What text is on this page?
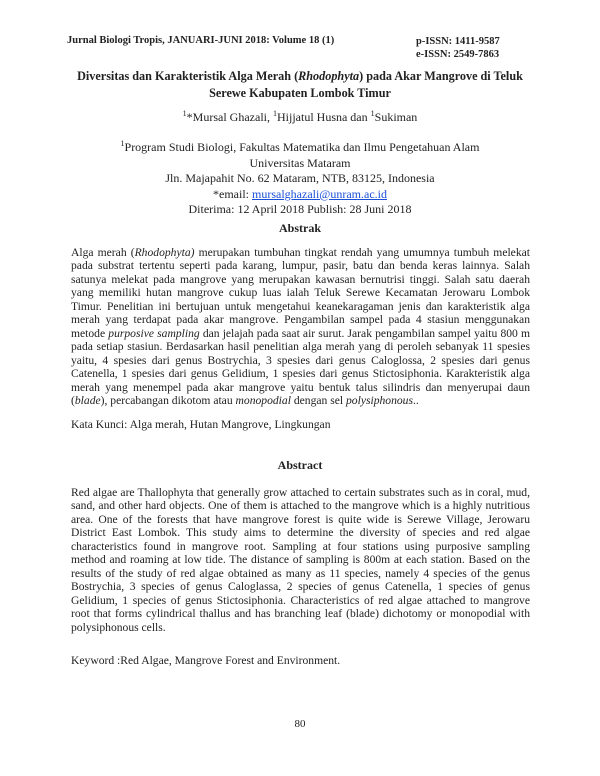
Jurnal Biologi Tropis, JANUARI-JUNI 2018: Volume 18 (1)	p-ISSN: 1411-9587
e-ISSN: 2549-7863
Diversitas dan Karakteristik Alga Merah (Rhodophyta) pada Akar Mangrove di Teluk Serewe Kabupaten Lombok Timur
$^1$*Mursal Ghazali, $^1$Hijjatul Husna dan $^1$Sukiman
$^1$Program Studi Biologi, Fakultas Matematika dan Ilmu Pengetahuan Alam
Universitas Mataram
Jln. Majapahit No. 62 Mataram, NTB, 83125, Indonesia
*email: mursalghazali@unram.ac.id
Diterima: 12 April 2018 Publish: 28 Juni 2018
Abstrak
Alga merah (Rhodophyta) merupakan tumbuhan tingkat rendah yang umumnya tumbuh melekat pada substrat tertentu seperti pada karang, lumpur, pasir, batu dan benda keras lainnya. Salah satunya melekat pada mangrove yang merupakan kawasan bernutrisi tinggi. Salah satu daerah yang memiliki hutan mangrove cukup luas ialah Teluk Serewe Kecamatan Jerowaru Lombok Timur. Penelitian ini bertujuan untuk mengetahui keanekaragaman jenis dan karakteristik alga merah yang terdapat pada akar mangrove. Pengambilan sampel pada 4 stasiun menggunakan metode purposive sampling dan jelajah pada saat air surut. Jarak pengambilan sampel yaitu 800 m pada setiap stasiun. Berdasarkan hasil penelitian alga merah yang di peroleh sebanyak 11 spesies yaitu, 4 spesies dari genus Bostrychia, 3 spesies dari genus Caloglossa, 2 spesies dari genus Catenella, 1 spesies dari genus Gelidium, 1 spesies dari genus Stictosiphonia. Karakteristik alga merah yang menempel pada akar mangrove yaitu bentuk talus silindris dan menyerupai daun (blade), percabangan dikotom atau monopodial dengan sel polysiphonous..
Kata Kunci: Alga merah, Hutan Mangrove, Lingkungan
Abstract
Red algae are Thallophyta that generally grow attached to certain substrates such as in coral, mud, sand, and other hard objects. One of them is attached to the mangrove which is a highly nutritious area. One of the forests that have mangrove forest is quite wide is Serewe Village, Jerowaru District East Lombok. This study aims to determine the diversity of species and red algae characteristics found in mangrove root. Sampling at four stations using purposive sampling method and roaming at low tide. The distance of sampling is 800m at each station. Based on the results of the study of red algae obtained as many as 11 species, namely 4 species of the genus Bostrychia, 3 species of genus Caloglassa, 2 species of genus Catenella, 1 species of genus Gelidium, 1 species of genus Stictosiphonia. Characteristics of red algae attached to mangrove root that forms cylindrical thallus and has branching leaf (blade) dichotomy or monopodial with polysiphonous cells.
Keyword :Red Algae, Mangrove Forest and Environment.
80
